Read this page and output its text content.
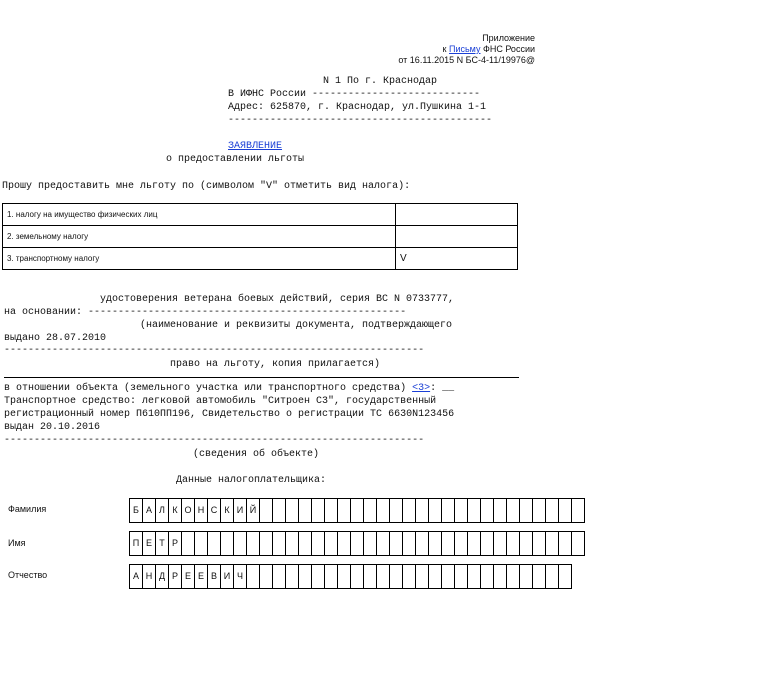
Приложение
к Письму ФНС России
от 16.11.2015 N БС-4-11/19976@
N 1 По г. Краснодар
В ИФНС России ----------------------------
Адрес: 625870, г. Краснодар, ул.Пушкина 1-1
--------------------------------------------
ЗАЯВЛЕНИЕ
о предоставлении льготы
Прошу предоставить мне льготу по (символом "V" отметить вид налога):
1. налогу на имущество физических лиц	
2. земельному налогу	
3. транспортному налогу	V
удостоверения ветерана боевых действий, серия ВС N 0733777,
на основании: -----------------------------------------------------
(наименование и реквизиты документа, подтверждающего
выдано 28.07.2010
----------------------------------------------------------------------
право на льготу, копия прилагается)
в отношении объекта (земельного участка или транспортного средства) <3>: __
Транспортное средство: легковой автомобиль "Ситроен С3", государственный
регистрационный номер П610ПП196, Свидетельство о регистрации ТС 6630N123456
выдан 20.10.2016
----------------------------------------------------------------------
(сведения об объекте)
Данные налогоплательщика:
Фамилия	Б А Л К О Н С К И Й
Имя	П Е Т Р
Отчество	А Н Д Р Е Е В И Ч
